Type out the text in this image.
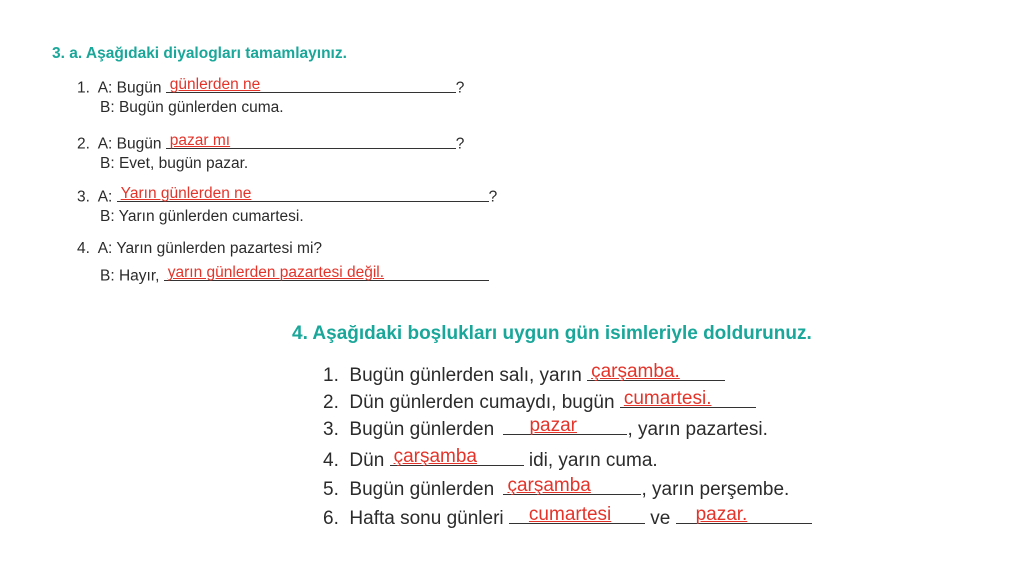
3. a. Aşağıdaki diyalogları tamamlayınız.
1. A: Bugün günlerden ne	?
B: Bugün günlerden cuma.
2. A: Bugün pazar mı	?
B: Evet, bugün pazar.
3. A: Yarın günlerden ne	?
B: Yarın günlerden cumartesi.
4. A: Yarın günlerden pazartesi mi?
B: Hayır, yarın günlerden pazartesi değil.
4. Aşağıdaki boşlukları uygun gün isimleriyle doldurunuz.
1. Bugün günlerden salı, yarın çarşamba.
2. Dün günlerden cumaydı, bugün cumartesi.
3. Bugün günlerden pazar	, yarın pazartesi.
4. Dün çarşamba	idi, yarın cuma.
5. Bugün günlerden çarşamba	, yarın perşembe.
6. Hafta sonu günleri cumartesi ve pazar.
